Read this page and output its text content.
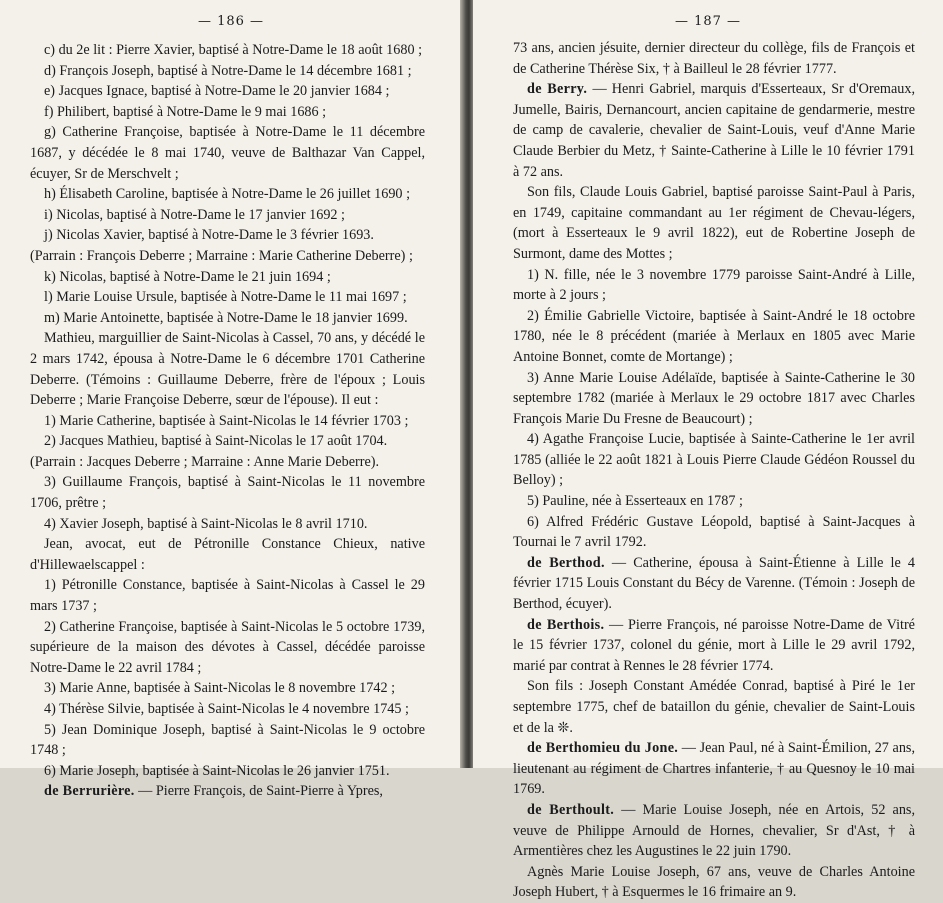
— 186 —

c) du 2e lit : Pierre Xavier, baptisé à Notre-Dame le 18 août 1680 ;

d) François Joseph, baptisé à Notre-Dame le 14 décembre 1681 ;

e) Jacques Ignace, baptisé à Notre-Dame le 20 janvier 1684 ;

f) Philibert, baptisé à Notre-Dame le 9 mai 1686 ;

g) Catherine Françoise, baptisée à Notre-Dame le 11 décembre 1687, y décédée le 8 mai 1740, veuve de Balthazar Van Cappel, écuyer, Sr de Merschvelt ;

h) Élisabeth Caroline, baptisée à Notre-Dame le 26 juillet 1690 ;

i) Nicolas, baptisé à Notre-Dame le 17 janvier 1692 ;

j) Nicolas Xavier, baptisé à Notre-Dame le 3 février 1693.

(Parrain : François Deberre ; Marraine : Marie Catherine Deberre) ;

k) Nicolas, baptisé à Notre-Dame le 21 juin 1694 ;

l) Marie Louise Ursule, baptisée à Notre-Dame le 11 mai 1697 ;

m) Marie Antoinette, baptisée à Notre-Dame le 18 janvier 1699.

Mathieu, marguillier de Saint-Nicolas à Cassel, 70 ans, y décédé le 2 mars 1742, épousa à Notre-Dame le 6 décembre 1701 Catherine Deberre. (Témoins : Guillaume Deberre, frère de l'époux ; Louis Deberre ; Marie Françoise Deberre, sœur de l'épouse). Il eut :

1) Marie Catherine, baptisée à Saint-Nicolas le 14 février 1703 ;

2) Jacques Mathieu, baptisé à Saint-Nicolas le 17 août 1704.

(Parrain : Jacques Deberre ; Marraine : Anne Marie Deberre).

3) Guillaume François, baptisé à Saint-Nicolas le 11 novembre 1706, prêtre ;

4) Xavier Joseph, baptisé à Saint-Nicolas le 8 avril 1710.

Jean, avocat, eut de Pétronille Constance Chieux, native d'Hillewaelscappel :

1) Pétronille Constance, baptisée à Saint-Nicolas à Cassel le 29 mars 1737 ;

2) Catherine Françoise, baptisée à Saint-Nicolas le 5 octobre 1739, supérieure de la maison des dévotes à Cassel, décédée paroisse Notre-Dame le 22 avril 1784 ;

3) Marie Anne, baptisée à Saint-Nicolas le 8 novembre 1742 ;

4) Thérèse Silvie, baptisée à Saint-Nicolas le 4 novembre 1745 ;

5) Jean Dominique Joseph, baptisé à Saint-Nicolas le 9 octobre 1748 ;

6) Marie Joseph, baptisée à Saint-Nicolas le 26 janvier 1751.

de Berrurière. — Pierre François, de Saint-Pierre à Ypres,

— 187 —

73 ans, ancien jésuite, dernier directeur du collège, fils de François et de Catherine Thérèse Six, † à Bailleul le 28 février 1777.

de Berry. — Henri Gabriel, marquis d'Esserteaux, Sr d'Oremaux, Jumelle, Bairis, Dernancourt, ancien capitaine de gendarmerie, mestre de camp de cavalerie, chevalier de Saint-Louis, veuf d'Anne Marie Claude Berbier du Metz, † Sainte-Catherine à Lille le 10 février 1791 à 72 ans.

Son fils, Claude Louis Gabriel, baptisé paroisse Saint-Paul à Paris, en 1749, capitaine commandant au 1er régiment de Chevau-légers, (mort à Esserteaux le 9 avril 1822), eut de Robertine Joseph de Surmont, dame des Mottes ;

1) N. fille, née le 3 novembre 1779 paroisse Saint-André à Lille, morte à 2 jours ;

2) Émilie Gabrielle Victoire, baptisée à Saint-André le 18 octobre 1780, née le 8 précédent (mariée à Merlaux en 1805 avec Marie Antoine Bonnet, comte de Mortange) ;

3) Anne Marie Louise Adélaïde, baptisée à Sainte-Catherine le 30 septembre 1782 (mariée à Merlaux le 29 octobre 1817 avec Charles François Marie Du Fresne de Beaucourt) ;

4) Agathe Françoise Lucie, baptisée à Sainte-Catherine le 1er avril 1785 (alliée le 22 août 1821 à Louis Pierre Claude Gédéon Roussel du Belloy) ;

5) Pauline, née à Esserteaux en 1787 ;

6) Alfred Frédéric Gustave Léopold, baptisé à Saint-Jacques à Tournai le 7 avril 1792.

de Berthod. — Catherine, épousa à Saint-Étienne à Lille le 4 février 1715 Louis Constant du Bécy de Varenne. (Témoin : Joseph de Berthod, écuyer).

de Berthois. — Pierre François, né paroisse Notre-Dame de Vitré le 15 février 1737, colonel du génie, mort à Lille le 29 avril 1792, marié par contrat à Rennes le 28 février 1774.

Son fils : Joseph Constant Amédée Conrad, baptisé à Piré le 1er septembre 1775, chef de bataillon du génie, chevalier de Saint-Louis et de la ❊.

de Berthomieu du Jone. — Jean Paul, né à Saint-Émilion, 27 ans, lieutenant au régiment de Chartres infanterie, † au Quesnoy le 10 mai 1769.

de Berthoult. — Marie Louise Joseph, née en Artois, 52 ans, veuve de Philippe Arnould de Hornes, chevalier, Sr d'Ast, † à Armentières chez les Augustines le 22 juin 1790.

Agnès Marie Louise Joseph, 67 ans, veuve de Charles Antoine Joseph Hubert, † à Esquermes le 16 frimaire an 9.
